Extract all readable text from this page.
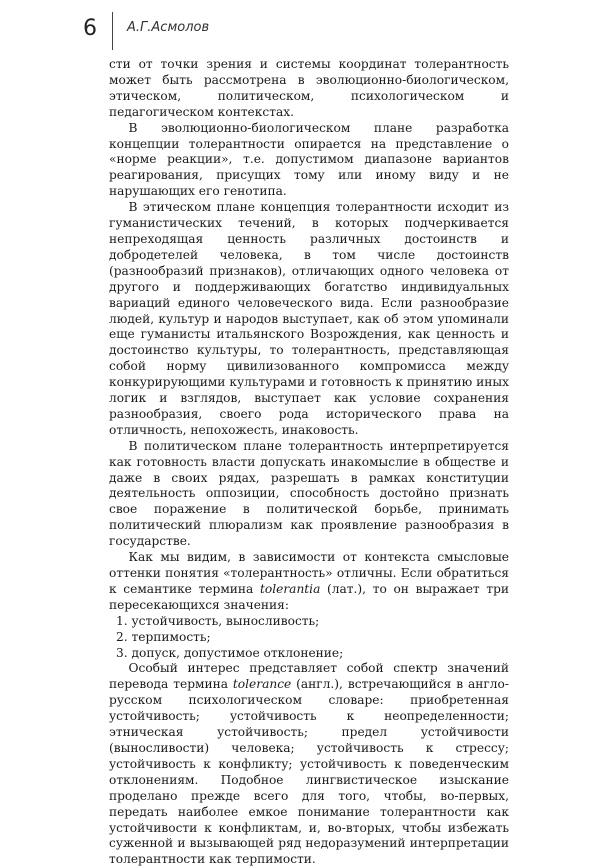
6 А.Г.Асмолов

сти от точки зрения и системы координат толерантность может быть рассмотрена в эволюционно-биологическом, этическом, политическом, психологическом и педагогическом контекстах.

В эволюционно-биологическом плане разработка концепции толерантности опирается на представление о «норме реакции», т.е. допустимом диапазоне вариантов реагирования, присущих тому или иному виду и не нарушающих его генотипа.

В этическом плане концепция толерантности исходит из гуманистических течений, в которых подчеркивается непреходящая ценность различных достоинств и добродетелей человека, в том числе достоинств (разнообразий признаков), отличающих одного человека от другого и поддерживающих богатство индивидуальных вариаций единого человеческого вида. Если разнообразие людей, культур и народов выступает, как об этом упоминали еще гуманисты итальянского Возрождения, как ценность и достоинство культуры, то толерантность, представляющая собой норму цивилизованного компромисса между конкурирующими культурами и готовность к принятию иных логик и взглядов, выступает как условие сохранения разнообразия, своего рода исторического права на отличность, непохожесть, инаковость.

В политическом плане толерантность интерпретируется как готовность власти допускать инакомыслие в обществе и даже в своих рядах, разрешать в рамках конституции деятельность оппозиции, способность достойно признать свое поражение в политической борьбе, принимать политический плюрализм как проявление разнообразия в государстве.

Как мы видим, в зависимости от контекста смысловые оттенки понятия «толерантность» отличны. Если обратиться к семантике термина tolerantia (лат.), то он выражает три пересекающихся значения:

1. устойчивость, выносливость;

2. терпимость;

3. допуск, допустимое отклонение;

Особый интерес представляет собой спектр значений перевода термина tolerance (англ.), встречающийся в англо-русском психологическом словаре: приобретенная устойчивость; устойчивость к неопределенности; этническая устойчивость; предел устойчивости (выносливости) человека; устойчивость к стрессу; устойчивость к конфликту; устойчивость к поведенческим отклонениям. Подобное лингвистическое изыскание проделано прежде всего для того, чтобы, во-первых, передать наиболее емкое понимание толерантности как устойчивости к конфликтам, и, во-вторых, чтобы избежать суженной и вызывающей ряд недоразумений интерпретации толерантности как терпимости.
